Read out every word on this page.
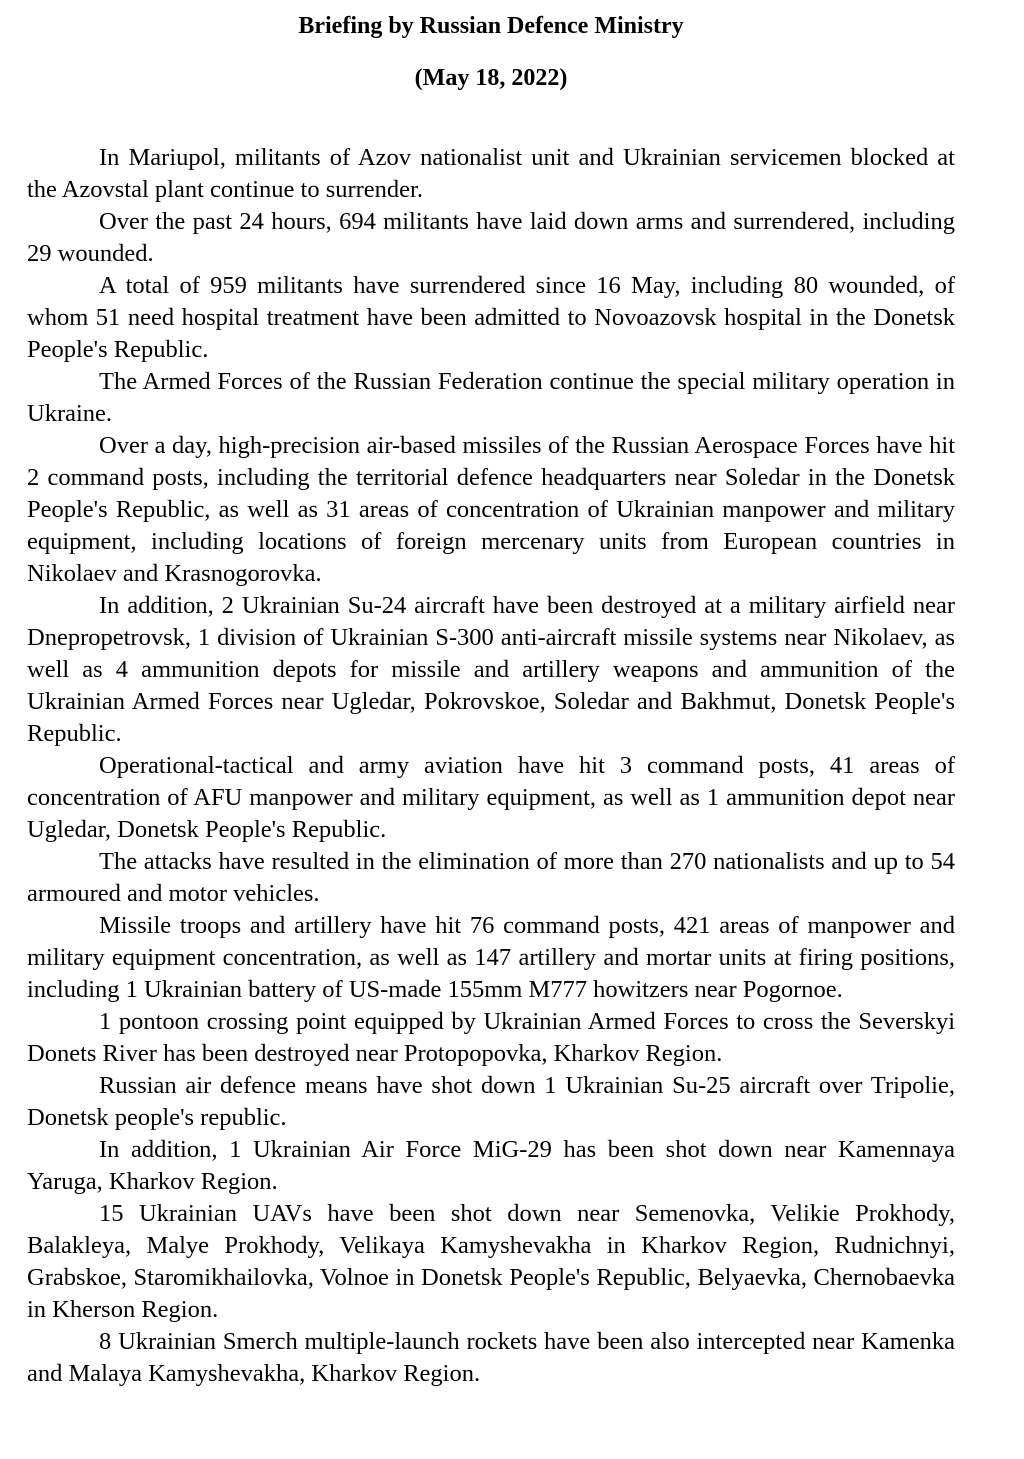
Briefing by Russian Defence Ministry
(May 18, 2022)

In Mariupol, militants of Azov nationalist unit and Ukrainian servicemen blocked at the Azovstal plant continue to surrender.

Over the past 24 hours, 694 militants have laid down arms and surrendered, including 29 wounded.

A total of 959 militants have surrendered since 16 May, including 80 wounded, of whom 51 need hospital treatment have been admitted to Novoazovsk hospital in the Donetsk People's Republic.

The Armed Forces of the Russian Federation continue the special military operation in Ukraine.

Over a day, high-precision air-based missiles of the Russian Aerospace Forces have hit 2 command posts, including the territorial defence headquarters near Soledar in the Donetsk People's Republic, as well as 31 areas of concentration of Ukrainian manpower and military equipment, including locations of foreign mercenary units from European countries in Nikolaev and Krasnogorovka.

In addition, 2 Ukrainian Su-24 aircraft have been destroyed at a military airfield near Dnepropetrovsk, 1 division of Ukrainian S-300 anti-aircraft missile systems near Nikolaev, as well as 4 ammunition depots for missile and artillery weapons and ammunition of the Ukrainian Armed Forces near Ugledar, Pokrovskoe, Soledar and Bakhmut, Donetsk People's Republic.

Operational-tactical and army aviation have hit 3 command posts, 41 areas of concentration of AFU manpower and military equipment, as well as 1 ammunition depot near Ugledar, Donetsk People's Republic.

The attacks have resulted in the elimination of more than 270 nationalists and up to 54 armoured and motor vehicles.

Missile troops and artillery have hit 76 command posts, 421 areas of manpower and military equipment concentration, as well as 147 artillery and mortar units at firing positions, including 1 Ukrainian battery of US-made 155mm M777 howitzers near Pogornoe.

1 pontoon crossing point equipped by Ukrainian Armed Forces to cross the Severskyi Donets River has been destroyed near Protopopovka, Kharkov Region.

Russian air defence means have shot down 1 Ukrainian Su-25 aircraft over Tripolie, Donetsk people's republic.

In addition, 1 Ukrainian Air Force MiG-29 has been shot down near Kamennaya Yaruga, Kharkov Region.

15 Ukrainian UAVs have been shot down near Semenovka, Velikie Prokhody, Balakleya, Malye Prokhody, Velikaya Kamyshevakha in Kharkov Region, Rudnichnyi, Grabskoe, Staromikhailovka, Volnoe in Donetsk People's Republic, Belyaevka, Chernobaevka in Kherson Region.

8 Ukrainian Smerch multiple-launch rockets have been also intercepted near Kamenka and Malaya Kamyshevakha, Kharkov Region.
